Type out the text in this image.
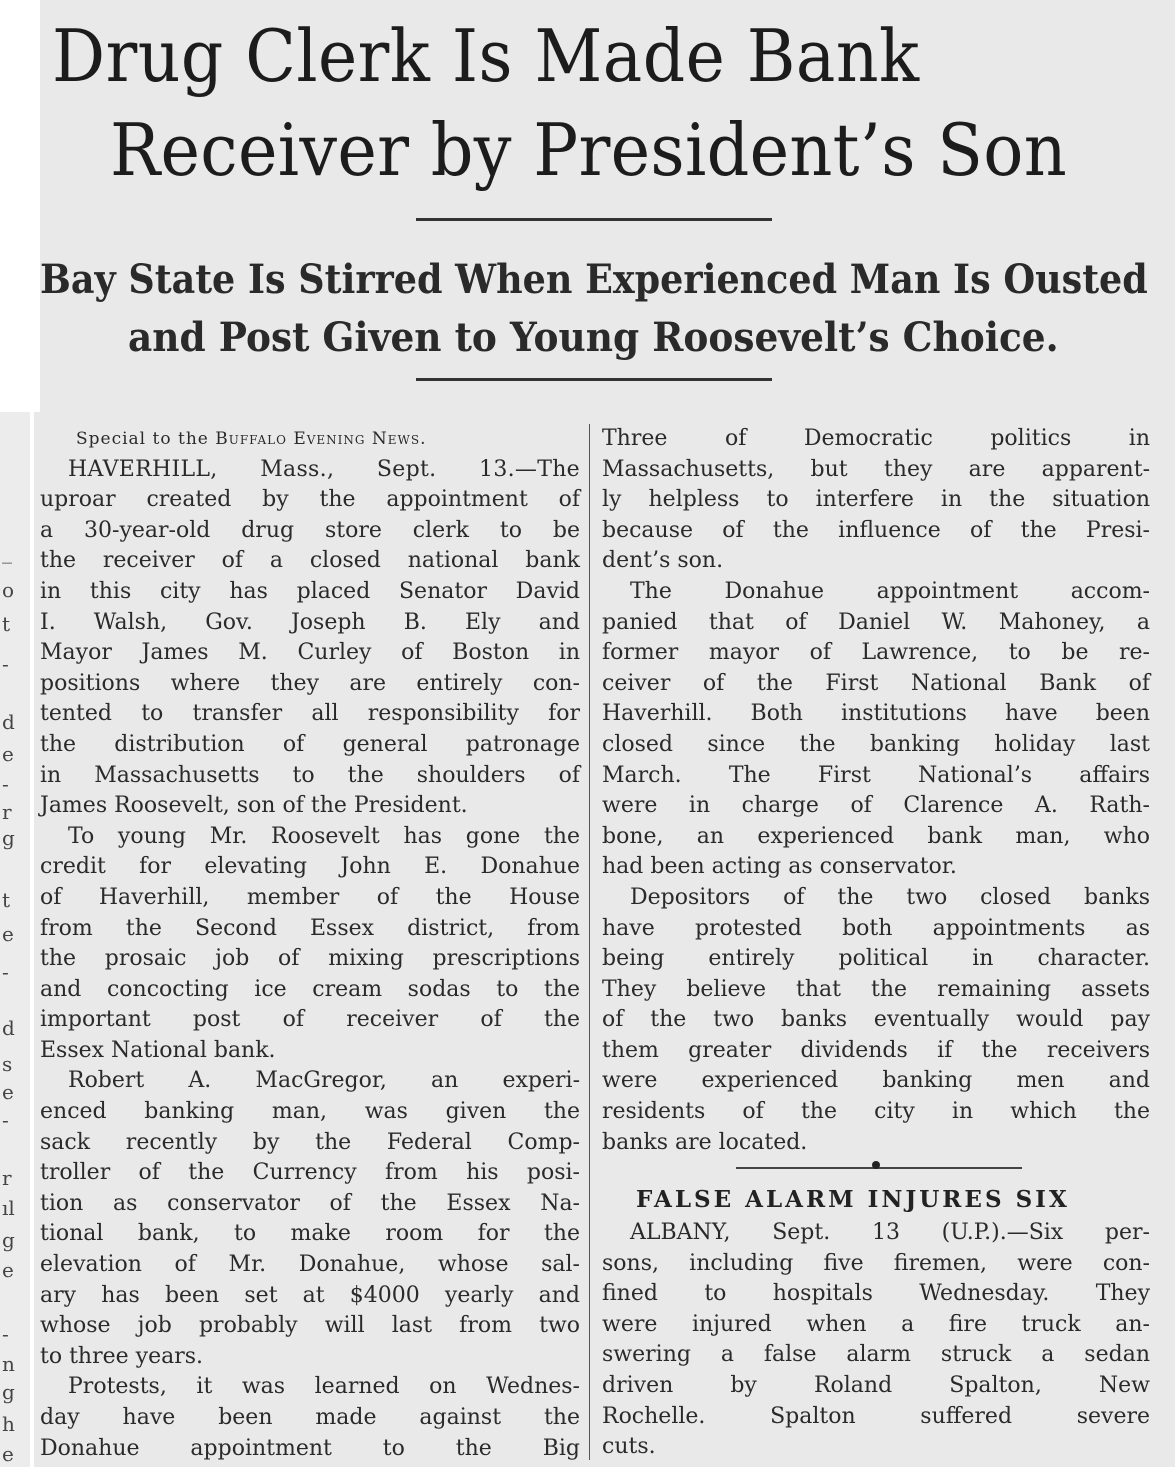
Drug Clerk Is Made Bank
Receiver by President’s Son
Bay State Is Stirred When Experienced Man Is Ousted
and Post Given to Young Roosevelt’s Choice.
_
o
t
-
d
e
-
r
g
t
e
-
d
s
e
-
r
ıl
g
e
-
n
g
h
e
Special to the Buffalo Evening News.
HAVERHILL, Mass., Sept. 13.—The
uproar created by the appointment of
a 30-year-old drug store clerk to be
the receiver of a closed national bank
in this city has placed Senator David
I. Walsh, Gov. Joseph B. Ely and
Mayor James M. Curley of Boston in
positions where they are entirely con-
tented to transfer all responsibility for
the distribution of general patronage
in Massachusetts to the shoulders of
James Roosevelt, son of the President.
To young Mr. Roosevelt has gone the
credit for elevating John E. Donahue
of Haverhill, member of the House
from the Second Essex district, from
the prosaic job of mixing prescriptions
and concocting ice cream sodas to the
important post of receiver of the
Essex National bank.
Robert A. MacGregor, an experi-
enced banking man, was given the
sack recently by the Federal Comp-
troller of the Currency from his posi-
tion as conservator of the Essex Na-
tional bank, to make room for the
elevation of Mr. Donahue, whose sal-
ary has been set at $4000 yearly and
whose job probably will last from two
to three years.
Protests, it was learned on Wednes-
day have been made against the
Donahue appointment to the Big
Three of Democratic politics in
Massachusetts, but they are apparent-
ly helpless to interfere in the situation
because of the influence of the Presi-
dent’s son.
The Donahue appointment accom-
panied that of Daniel W. Mahoney, a
former mayor of Lawrence, to be re-
ceiver of the First National Bank of
Haverhill. Both institutions have been
closed since the banking holiday last
March. The First National’s affairs
were in charge of Clarence A. Rath-
bone, an experienced bank man, who
had been acting as conservator.
Depositors of the two closed banks
have protested both appointments as
being entirely political in character.
They believe that the remaining assets
of the two banks eventually would pay
them greater dividends if the receivers
were experienced banking men and
residents of the city in which the
banks are located.
FALSE ALARM INJURES SIX
ALBANY, Sept. 13 (U.P.).—Six per-
sons, including five firemen, were con-
fined to hospitals Wednesday. They
were injured when a fire truck an-
swering a false alarm struck a sedan
driven by Roland Spalton, New
Rochelle. Spalton suffered severe
cuts.
